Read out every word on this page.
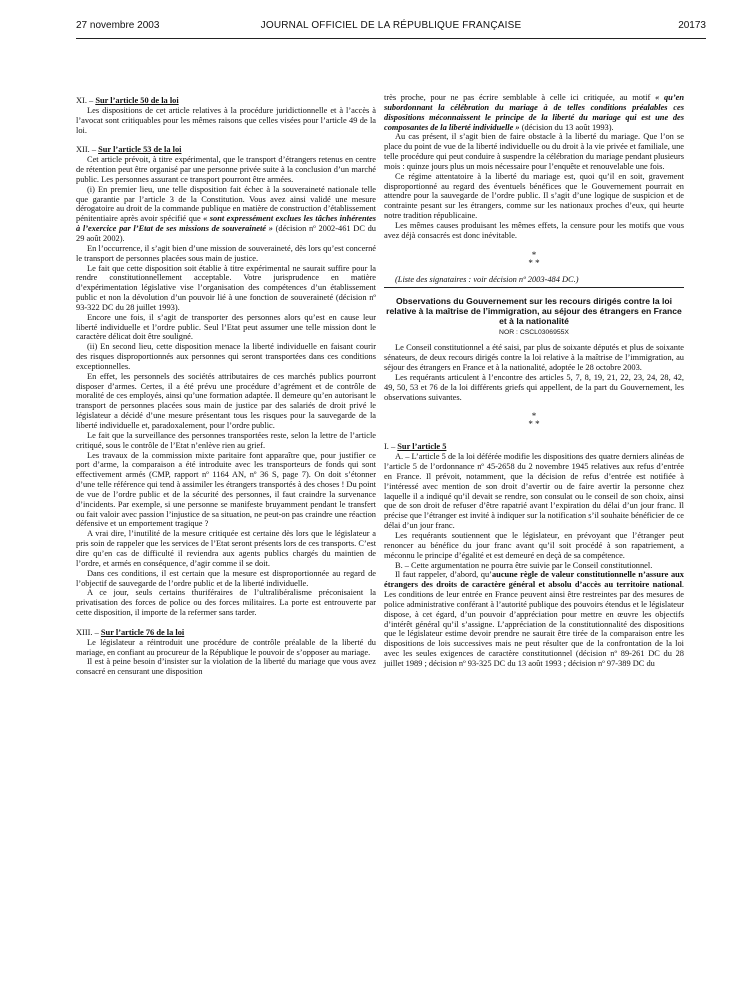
27 novembre 2003	JOURNAL OFFICIEL DE LA RÉPUBLIQUE FRANÇAISE	20173

XI. – Sur l’article 50 de la loi

Les dispositions de cet article relatives à la procédure juridictionnelle et à l’accès à l’avocat sont critiquables pour les mêmes raisons que celles visées pour l’article 49 de la loi.

XII. – Sur l’article 53 de la loi

Cet article prévoit, à titre expérimental, que le transport d’étrangers retenus en centre de rétention peut être organisé par une personne privée suite à la conclusion d’un marché public. Les personnes assurant ce transport pourront être armées.

(i) En premier lieu, une telle disposition fait échec à la souveraineté nationale telle que garantie par l’article 3 de la Constitution. Vous avez ainsi validé une mesure dérogatoire au droit de la commande publique en matière de construction d’établissement pénitentiaire après avoir spécifié que « sont expressément exclues les tâches inhérentes à l’exercice par l’Etat de ses missions de souveraineté » (décision nº 2002-461 DC du 29 août 2002).

En l’occurrence, il s’agit bien d’une mission de souveraineté, dès lors qu’est concerné le transport de personnes placées sous main de justice.

Le fait que cette disposition soit établie à titre expérimental ne saurait suffire pour la rendre constitutionnellement acceptable. Votre jurisprudence en matière d’expérimentation législative vise l’organisation des compétences d’un établissement public et non la dévolution d’un pouvoir lié à une fonction de souveraineté (décision nº 93-322 DC du 28 juillet 1993).

Encore une fois, il s’agit de transporter des personnes alors qu’est en cause leur liberté individuelle et l’ordre public. Seul l’Etat peut assumer une telle mission dont le caractère délicat doit être souligné.

(ii) En second lieu, cette disposition menace la liberté individuelle en faisant courir des risques disproportionnés aux personnes qui seront transportées dans ces conditions exceptionnelles.

En effet, les personnels des sociétés attributaires de ces marchés publics pourront disposer d’armes. Certes, il a été prévu une procédure d’agrément et de contrôle de moralité de ces employés, ainsi qu’une formation adaptée. Il demeure qu’en autorisant le transport de personnes placées sous main de justice par des salariés de droit privé le législateur a décidé d’une mesure présentant tous les risques pour la sauvegarde de la liberté individuelle et, paradoxalement, pour l’ordre public.

Le fait que la surveillance des personnes transportées reste, selon la lettre de l’article critiqué, sous le contrôle de l’Etat n’enlève rien au grief.

Les travaux de la commission mixte paritaire font apparaître que, pour justifier ce port d’arme, la comparaison a été introduite avec les transporteurs de fonds qui sont effectivement armés (CMP, rapport nº 1164 AN, nº 36 S, page 7). On doit s’étonner d’une telle référence qui tend à assimiler les étrangers transportés à des choses ! Du point de vue de l’ordre public et de la sécurité des personnes, il faut craindre la survenance d’incidents. Par exemple, si une personne se manifeste bruyamment pendant le transfert ou fait valoir avec passion l’injustice de sa situation, ne peut-on pas craindre une réaction défensive et un emportement tragique ?

A vrai dire, l’inutilité de la mesure critiquée est certaine dès lors que le législateur a pris soin de rappeler que les services de l’Etat seront présents lors de ces transports. C’est dire qu’en cas de difficulté il reviendra aux agents publics chargés du maintien de l’ordre, et armés en conséquence, d’agir comme il se doit.

Dans ces conditions, il est certain que la mesure est disproportionnée au regard de l’objectif de sauvegarde de l’ordre public et de la liberté individuelle.

A ce jour, seuls certains thuriféraires de l’ultralibéralisme préconisaient la privatisation des forces de police ou des forces militaires. La porte est entrouverte par cette disposition, il importe de la refermer sans tarder.

XIII. – Sur l’article 76 de la loi

Le législateur a réintroduit une procédure de contrôle préalable de la liberté du mariage, en confiant au procureur de la République le pouvoir de s’opposer au mariage.

Il est à peine besoin d’insister sur la violation de la liberté du mariage que vous avez consacré en censurant une disposition

très proche, pour ne pas écrire semblable à celle ici critiquée, au motif « qu’en subordonnant la célébration du mariage à de telles conditions préalables ces dispositions méconnaissent le principe de la liberté du mariage qui est une des composantes de la liberté individuelle » (décision du 13 août 1993).

Au cas présent, il s’agit bien de faire obstacle à la liberté du mariage. Que l’on se place du point de vue de la liberté individuelle ou du droit à la vie privée et familiale, une telle procédure qui peut conduire à suspendre la célébration du mariage pendant plusieurs mois : quinze jours plus un mois nécessaire pour l’enquête et renouvelable une fois.

Ce régime attentatoire à la liberté du mariage est, quoi qu’il en soit, gravement disproportionné au regard des éventuels bénéfices que le Gouvernement pourrait en attendre pour la sauvegarde de l’ordre public. Il s’agit d’une logique de suspicion et de contrainte pesant sur les étrangers, comme sur les nationaux proches d’eux, qui heurte notre tradition républicaine.

Les mêmes causes produisant les mêmes effets, la censure pour les motifs que vous avez déjà consacrés est donc inévitable.

*
* *

(Liste des signataires : voir décision nº 2003-484 DC.)

Observations du Gouvernement sur les recours dirigés contre la loi relative à la maîtrise de l’immigration, au séjour des étrangers en France et à la nationalité
NOR : CSCL0306955X

Le Conseil constitutionnel a été saisi, par plus de soixante députés et plus de soixante sénateurs, de deux recours dirigés contre la loi relative à la maîtrise de l’immigration, au séjour des étrangers en France et à la nationalité, adoptée le 28 octobre 2003.

Les requérants articulent à l’encontre des articles 5, 7, 8, 19, 21, 22, 23, 24, 28, 42, 49, 50, 53 et 76 de la loi différents griefs qui appellent, de la part du Gouvernement, les observations suivantes.

*
* *

I. – Sur l’article 5

A. – L’article 5 de la loi déférée modifie les dispositions des quatre derniers alinéas de l’article 5 de l’ordonnance nº 45-2658 du 2 novembre 1945 relatives aux refus d’entrée en France. Il prévoit, notamment, que la décision de refus d’entrée est notifiée à l’intéressé avec mention de son droit d’avertir ou de faire avertir la personne chez laquelle il a indiqué qu’il devait se rendre, son consulat ou le conseil de son choix, ainsi que de son droit de refuser d’être rapatrié avant l’expiration du délai d’un jour franc. Il précise que l’étranger est invité à indiquer sur la notification s’il souhaite bénéficier de ce délai d’un jour franc.

Les requérants soutiennent que le législateur, en prévoyant que l’étranger peut renoncer au bénéfice du jour franc avant qu’il soit procédé à son rapatriement, a méconnu le principe d’égalité et est demeuré en deçà de sa compétence.

B. – Cette argumentation ne pourra être suivie par le Conseil constitutionnel.

Il faut rappeler, d’abord, qu’aucune règle de valeur constitutionnelle n’assure aux étrangers des droits de caractère général et absolu d’accès au territoire national. Les conditions de leur entrée en France peuvent ainsi être restreintes par des mesures de police administrative conférant à l’autorité publique des pouvoirs étendus et le législateur dispose, à cet égard, d’un pouvoir d’appréciation pour mettre en œuvre les objectifs d’intérêt général qu’il s’assigne. L’appréciation de la constitutionnalité des dispositions que le législateur estime devoir prendre ne saurait être tirée de la comparaison entre les dispositions de lois successives mais ne peut résulter que de la confrontation de la loi avec les seules exigences de caractère constitutionnel (décision nº 89-261 DC du 28 juillet 1989 ; décision nº 93-325 DC du 13 août 1993 ; décision nº 97-389 DC du
